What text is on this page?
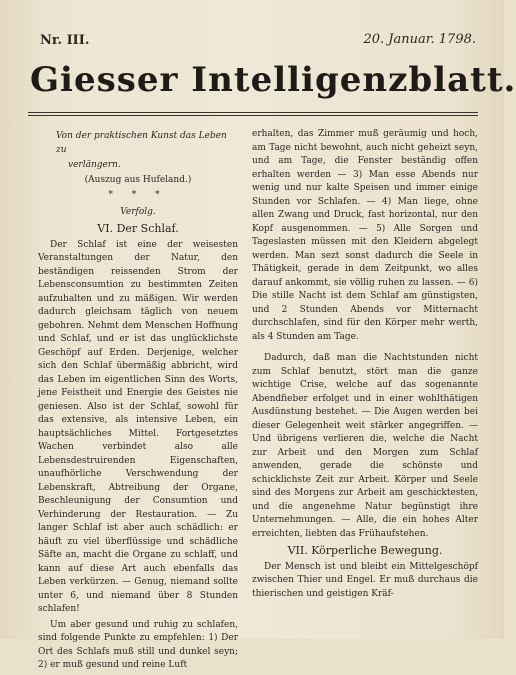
Nr. III.	20. Januar. 1798.
Giesser Intelligenzblatt.
Von der praktischen Kunst das Leben zu
verlängern.
(Auszug aus Hufeland.)
* * *
Verfolg.
VI. Der Schlaf.

Der Schlaf ist eine der weisesten Veranstaltungen der Natur, den beständigen reissenden Strom der Lebensconsumtion zu bestimmten Zeiten aufzuhalten und zu mäßigen. Wir werden dadurch gleichsam täglich von neuem gebohren. Nehmt dem Menschen Hoffnung und Schlaf, und er ist das unglücklichste Geschöpf auf Erden. Derjenige, welcher sich den Schlaf übermäßig abbricht, wird das Leben im eigentlichen Sinn des Worts, jene Feistheit und Energie des Geistes nie geniesen. Also ist der Schlaf, sowohl für das extensive, als intensive Leben, ein hauptsächliches Mittel. Fortgesetztes Wachen verbindet also alle Lebensdestruirenden Eigenschaften, unaufhörliche Verschwendung der Lebenskraft, Abtreibung der Organe, Beschleunigung der Consumtion und Verhinderung der Restauration. — Zu langer Schlaf ist aber auch schädlich: er häuft zu viel überflüssige und schädliche Säfte an, macht die Organe zu schlaff, und kann auf diese Art auch ebenfalls das Leben verkürzen. — Genug, niemand sollte unter 6, und niemand über 8 Stunden schlafen!

Um aber gesund und ruhig zu schlafen, sind folgende Punkte zu empfehlen: 1) Der Ort des Schlafs muß still und dunkel seyn; 2) er muß gesund und reine Luft

erhalten, das Zimmer muß geräumig und hoch, am Tage nicht bewohnt, auch nicht geheizt seyn, und am Tage, die Fenster beständig offen erhalten werden — 3) Man esse Abends nur wenig und nur kalte Speisen und immer einige Stunden vor Schlafen. — 4) Man liege, ohne allen Zwang und Druck, fast horizontal, nur den Kopf ausgenommen. — 5) Alle Sorgen und Tageslasten müssen mit den Kleidern abgelegt werden. Man sezt sonst dadurch die Seele in Thätigkeit, gerade in dem Zeitpunkt, wo alles darauf ankommt, sie völlig ruhen zu lassen. — 6) Die stille Nacht ist dem Schlaf am günstigsten, und 2 Stunden Abends vor Mitternacht durchschlafen, sind für den Körper mehr werth, als 4 Stunden am Tage.

Dadurch, daß man die Nachtstunden nicht zum Schlaf benutzt, stört man die ganze wichtige Crise, welche auf das sogenannte Abendfieber erfolget und in einer wohlthätigen Ausdünstung bestehet. — Die Augen werden bei dieser Gelegenheit weit stärker angegriffen. — Und übrigens verlieren die, welche die Nacht zur Arbeit und den Morgen zum Schlaf anwenden, gerade die schönste und schicklichste Zeit zur Arbeit. Körper und Seele sind des Morgens zur Arbeit am geschicktesten, und die angenehme Natur begünstigt ihre Unternehmungen. — Alle, die ein hohes Alter erreichten, liebten das Frühaufstehen.

VII. Körperliche Bewegung.

Der Mensch ist und bleibt ein Mittelgeschöpf zwischen Thier und Engel. Er muß durchaus die thierischen und geistigen Kräf-
